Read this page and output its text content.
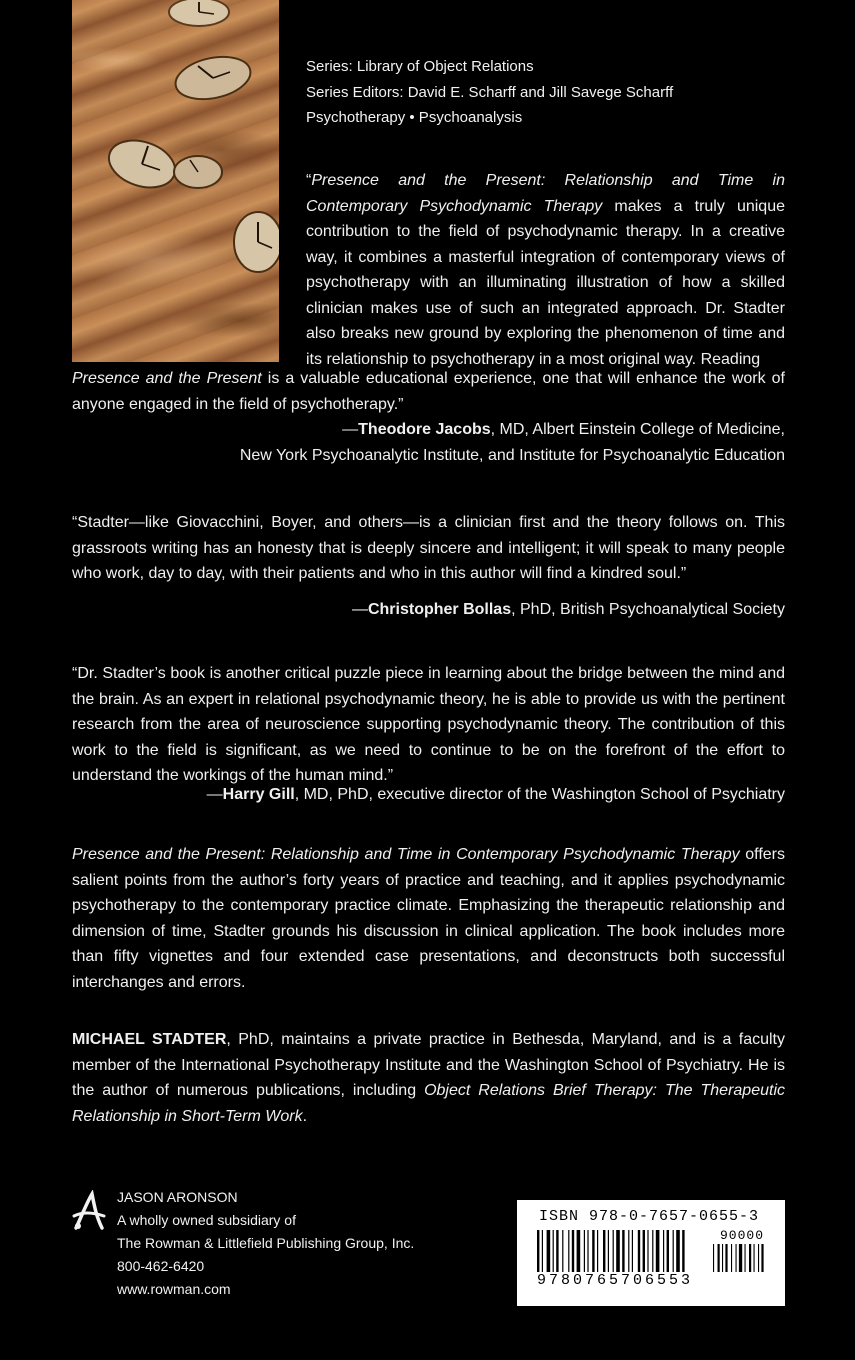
Series: Library of Object Relations
Series Editors: David E. Scharff and Jill Savege Scharff
Psychotherapy • Psychoanalysis
“Presence and the Present: Relationship and Time in Contemporary Psychodynamic Therapy makes a truly unique contribution to the field of psychodynamic therapy. In a creative way, it combines a masterful integration of contemporary views of psychotherapy with an illuminating illustration of how a skilled clinician makes use of such an integrated approach. Dr. Stadter also breaks new ground by exploring the phenomenon of time and its relationship to psychotherapy in a most original way. Reading
Presence and the Present is a valuable educational experience, one that will enhance the work of anyone engaged in the field of psychotherapy.”
—Theodore Jacobs, MD, Albert Einstein College of Medicine,
New York Psychoanalytic Institute, and Institute for Psychoanalytic Education
“Stadter—like Giovacchini, Boyer, and others—is a clinician first and the theory follows on. This grassroots writing has an honesty that is deeply sincere and intelligent; it will speak to many people who work, day to day, with their patients and who in this author will find a kindred soul.”
—Christopher Bollas, PhD, British Psychoanalytical Society
“Dr. Stadter’s book is another critical puzzle piece in learning about the bridge between the mind and the brain. As an expert in relational psychodynamic theory, he is able to provide us with the pertinent research from the area of neuroscience supporting psychodynamic theory. The contribution of this work to the field is significant, as we need to continue to be on the forefront of the effort to understand the workings of the human mind.”
—Harry Gill, MD, PhD, executive director of the Washington School of Psychiatry
Presence and the Present: Relationship and Time in Contemporary Psychodynamic Therapy offers salient points from the author’s forty years of practice and teaching, and it applies psychodynamic psychotherapy to the contemporary practice climate. Emphasizing the therapeutic relationship and dimension of time, Stadter grounds his discussion in clinical application. The book includes more than fifty vignettes and four extended case presentations, and deconstructs both successful interchanges and errors.
MICHAEL STADTER, PhD, maintains a private practice in Bethesda, Maryland, and is a faculty member of the International Psychotherapy Institute and the Washington School of Psychiatry. He is the author of numerous publications, including Object Relations Brief Therapy: The Therapeutic Relationship in Short-Term Work.
JASON ARONSON
A wholly owned subsidiary of
The Rowman & Littlefield Publishing Group, Inc.
800-462-6420
www.rowman.com
ISBN 978-0-7657-0655-3
90000
9780765706553
